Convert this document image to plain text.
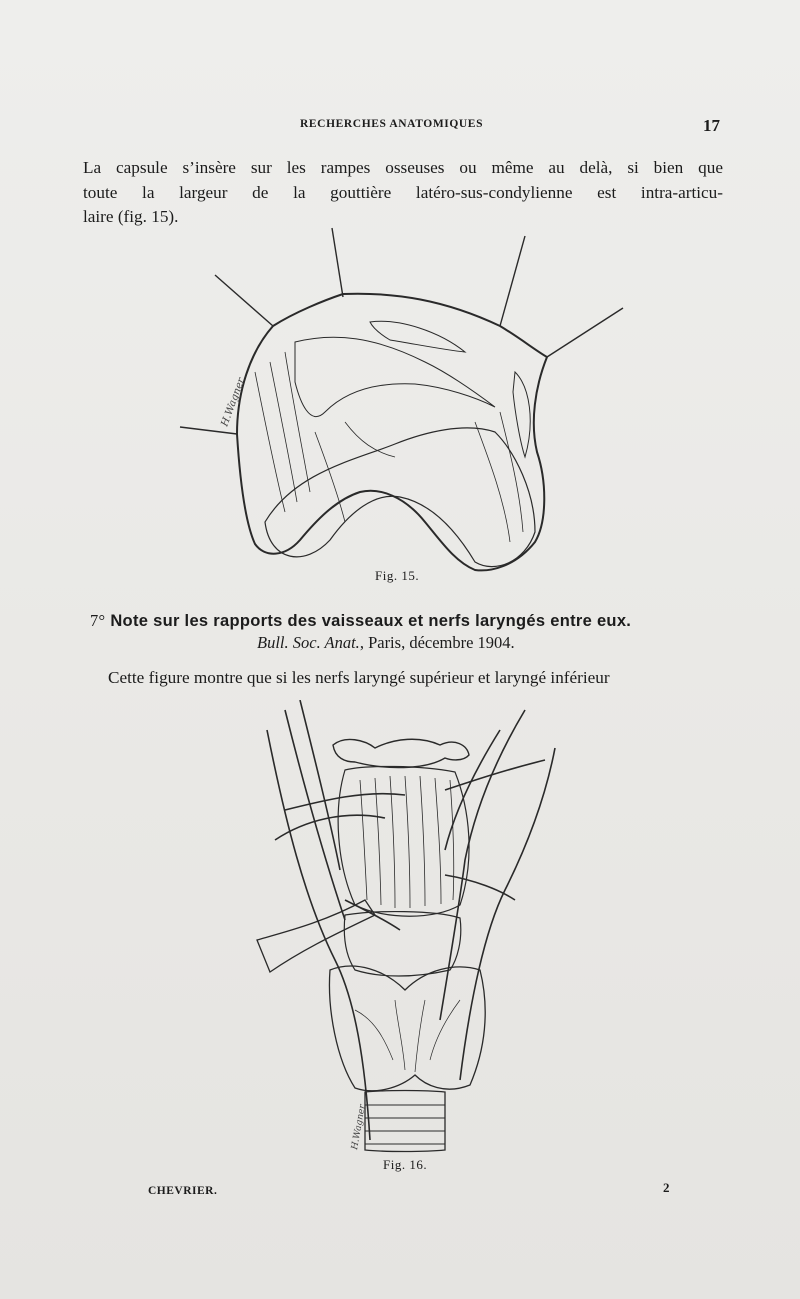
RECHERCHES ANATOMIQUES	17
La capsule s’insère sur les rampes osseuses ou même au delà, si bien que
toute la largeur de la gouttière latéro-sus-condylienne est intra-articu-
laire (fig. 15).
H.Wagner
Fig. 15.
7° Note sur les rapports des vaisseaux et nerfs laryngés entre eux.
Bull. Soc. Anat., Paris, décembre 1904.
Cette figure montre que si les nerfs laryngé supérieur et laryngé inférieur
H.Wagner
Fig. 16.
CHEVRIER.	2
